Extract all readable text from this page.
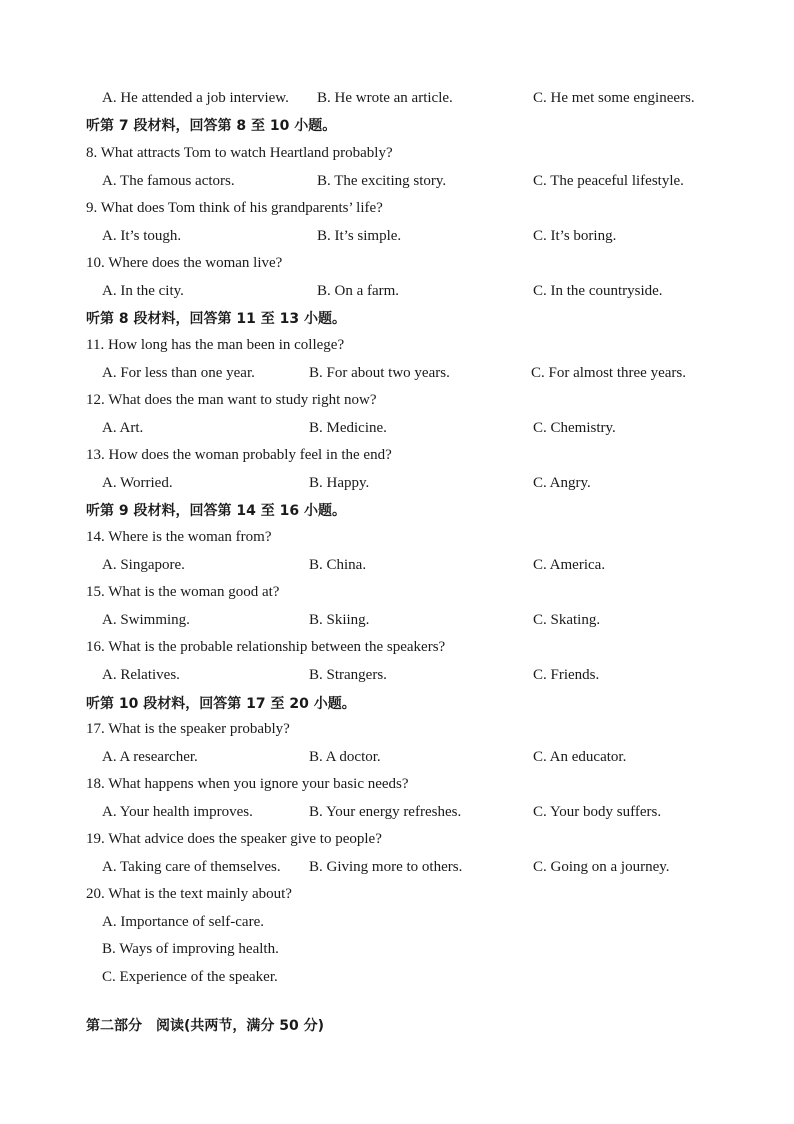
A. He attended a job interview. B. He wrote an article.	C. He met some engineers.
听第 7 段材料，回答第 8 至 10 小题。
8. What attracts Tom to watch Heartland probably?
A. The famous actors.	B. The exciting story.	C. The peaceful lifestyle.
9. What does Tom think of his grandparents’ life?
A. It’s tough.	B. It’s simple.	C. It’s boring.
10. Where does the woman live?
A. In the city.	B. On a farm.	C. In the countryside.
听第 8 段材料，回答第 11 至 13 小题。
11. How long has the man been in college?
A. For less than one year.	B. For about two years.	C. For almost three years.
12. What does the man want to study right now?
A. Art.	B. Medicine.	C. Chemistry.
13. How does the woman probably feel in the end?
A. Worried.	B. Happy.	C. Angry.
听第 9 段材料，回答第 14 至 16 小题。
14. Where is the woman from?
A. Singapore.	B. China.	C. America.
15. What is the woman good at?
A. Swimming.	B. Skiing.	C. Skating.
16. What is the probable relationship between the speakers?
A. Relatives.	B. Strangers.	C. Friends.
听第 10 段材料，回答第 17 至 20 小题。
17. What is the speaker probably?
A. A researcher.	B. A doctor.	C. An educator.
18. What happens when you ignore your basic needs?
A. Your health improves.	B. Your energy refreshes.	C. Your body suffers.
19. What advice does the speaker give to people?
A. Taking care of themselves. B. Giving more to others.	C. Going on a journey.
20. What is the text mainly about?
A. Importance of self-care.
B. Ways of improving health.
C. Experience of the speaker.
第二部分　阅读(共两节，满分 50 分)
